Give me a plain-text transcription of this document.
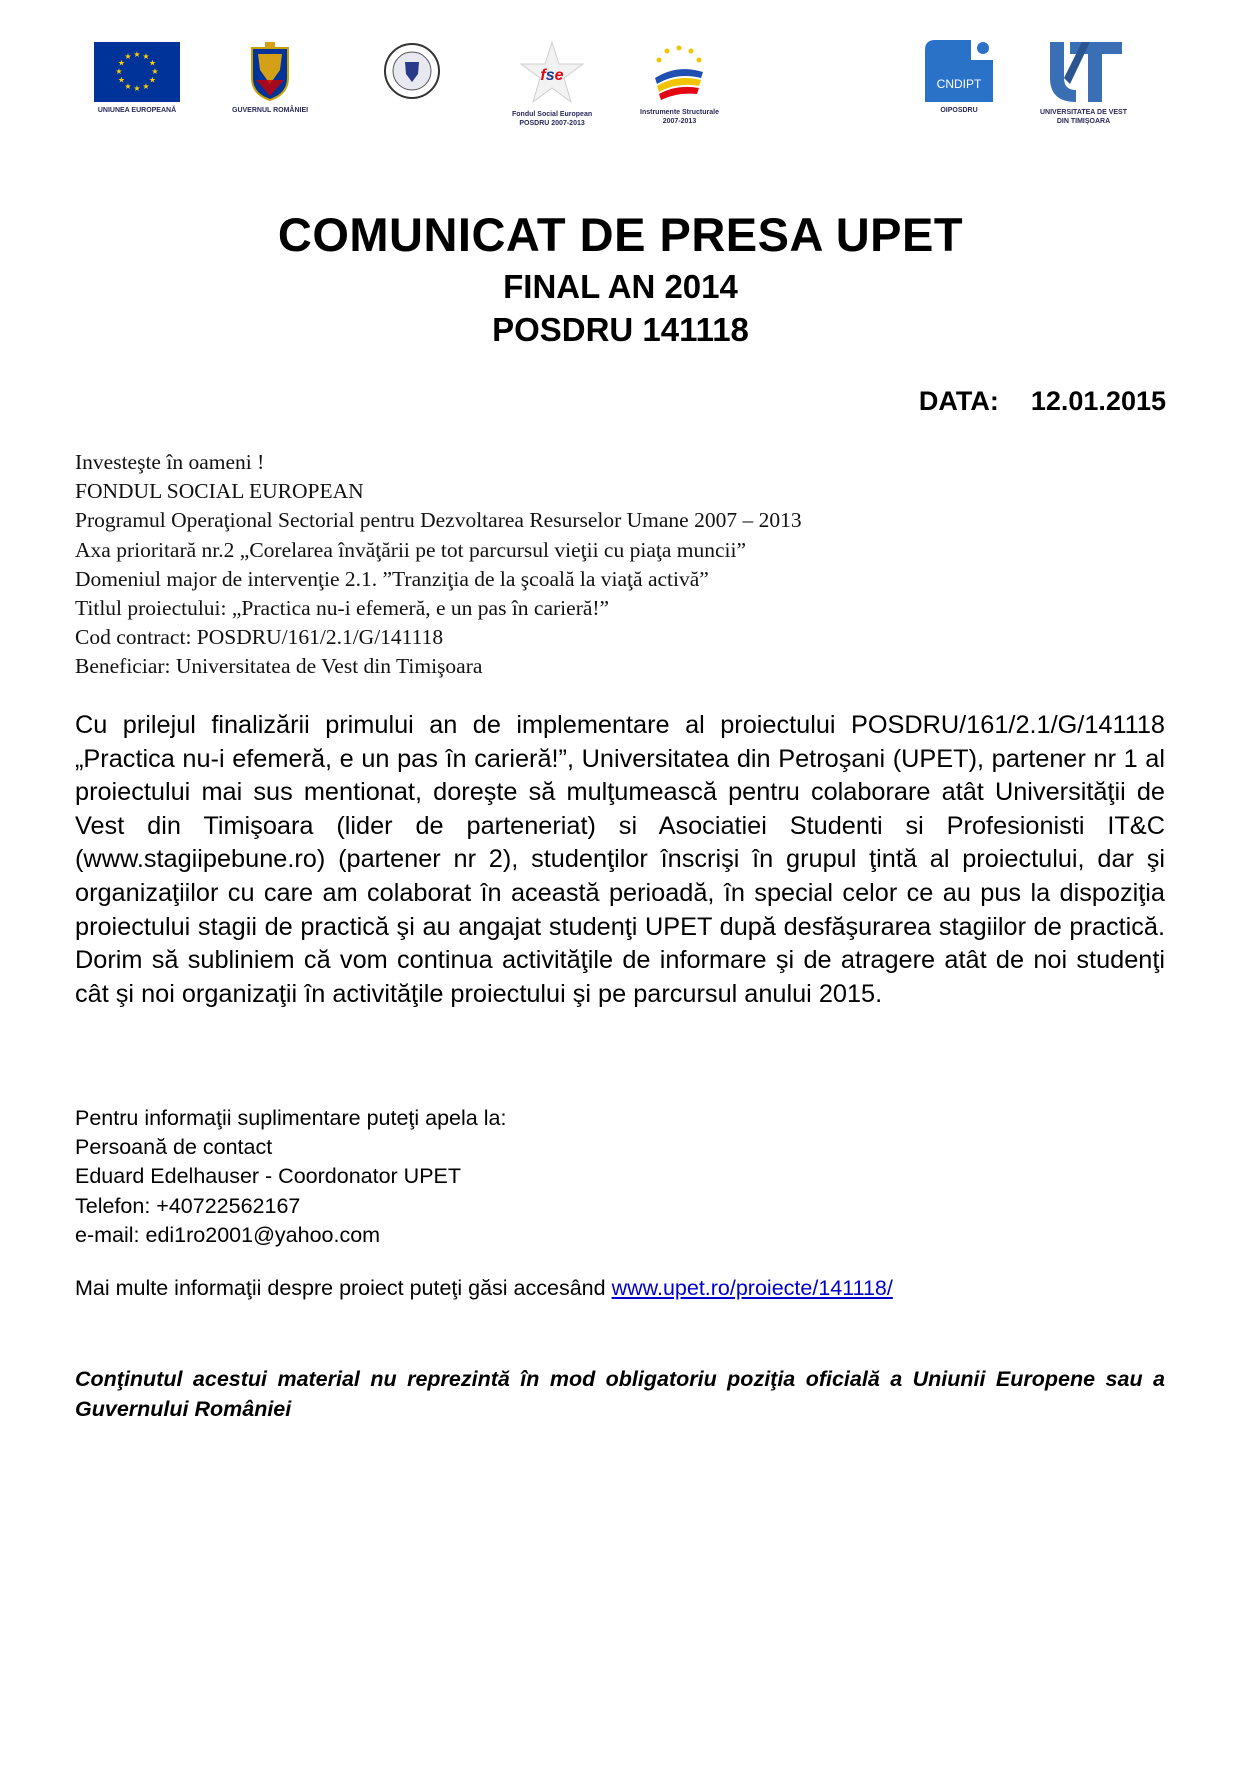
★ ★
★
★
★
★
★
★
★
★
★
★
UNIUNEA EUROPEANĂ	GUVERNUL ROMÂNIEI
fse
Fondul Social European
POSDRU 2007-2013
Instrumente Structurale
2007-2013
CNDIPT
OIPOSDRU	UNIVERSITATEA DE VEST
DIN TIMIȘOARA
COMUNICAT DE PRESA UPET
FINAL AN 2014
POSDRU 141118
DATA: 12.01.2015
Investeşte în oameni !
FONDUL SOCIAL EUROPEAN
Programul Operaţional Sectorial pentru Dezvoltarea Resurselor Umane 2007 – 2013
Axa prioritară nr.2 „Corelarea învăţării pe tot parcursul vieţii cu piaţa muncii”
Domeniul major de intervenţie 2.1. ”Tranziţia de la şcoală la viaţă activă”
Titlul proiectului: „Practica nu-i efemeră, e un pas în carieră!”
Cod contract: POSDRU/161/2.1/G/141118
Beneficiar: Universitatea de Vest din Timişoara
Cu prilejul finalizării primului an de implementare al proiectului POSDRU/161/2.1/G/141118 „Practica nu-i efemeră, e un pas în carieră!”, Universitatea din Petroşani (UPET), partener nr 1 al proiectului mai sus mentionat, doreşte să mulţumească pentru colaborare atât Universităţii de Vest din Timişoara (lider de parteneriat) si Asociatiei Studenti si Profesionisti IT&C (www.stagiipebune.ro) (partener nr 2), studenţilor înscrişi în grupul ţintă al proiectului, dar şi organizaţiilor cu care am colaborat în această perioadă, în special celor ce au pus la dispoziţia proiectului stagii de practică şi au angajat studenţi UPET după desfăşurarea stagiilor de practică. Dorim să subliniem că vom continua activităţile de informare şi de atragere atât de noi studenţi cât şi noi organizaţii în activităţile proiectului şi pe parcursul anului 2015.
Pentru informaţii suplimentare puteţi apela la:
Persoană de contact
Eduard Edelhauser - Coordonator UPET
Telefon: +40722562167
e-mail: edi1ro2001@yahoo.com
Mai multe informaţii despre proiect puteţi găsi accesând www.upet.ro/proiecte/141118/
Conţinutul acestui material nu reprezintă în mod obligatoriu poziţia oficială a Uniunii Europene sau a Guvernului României
